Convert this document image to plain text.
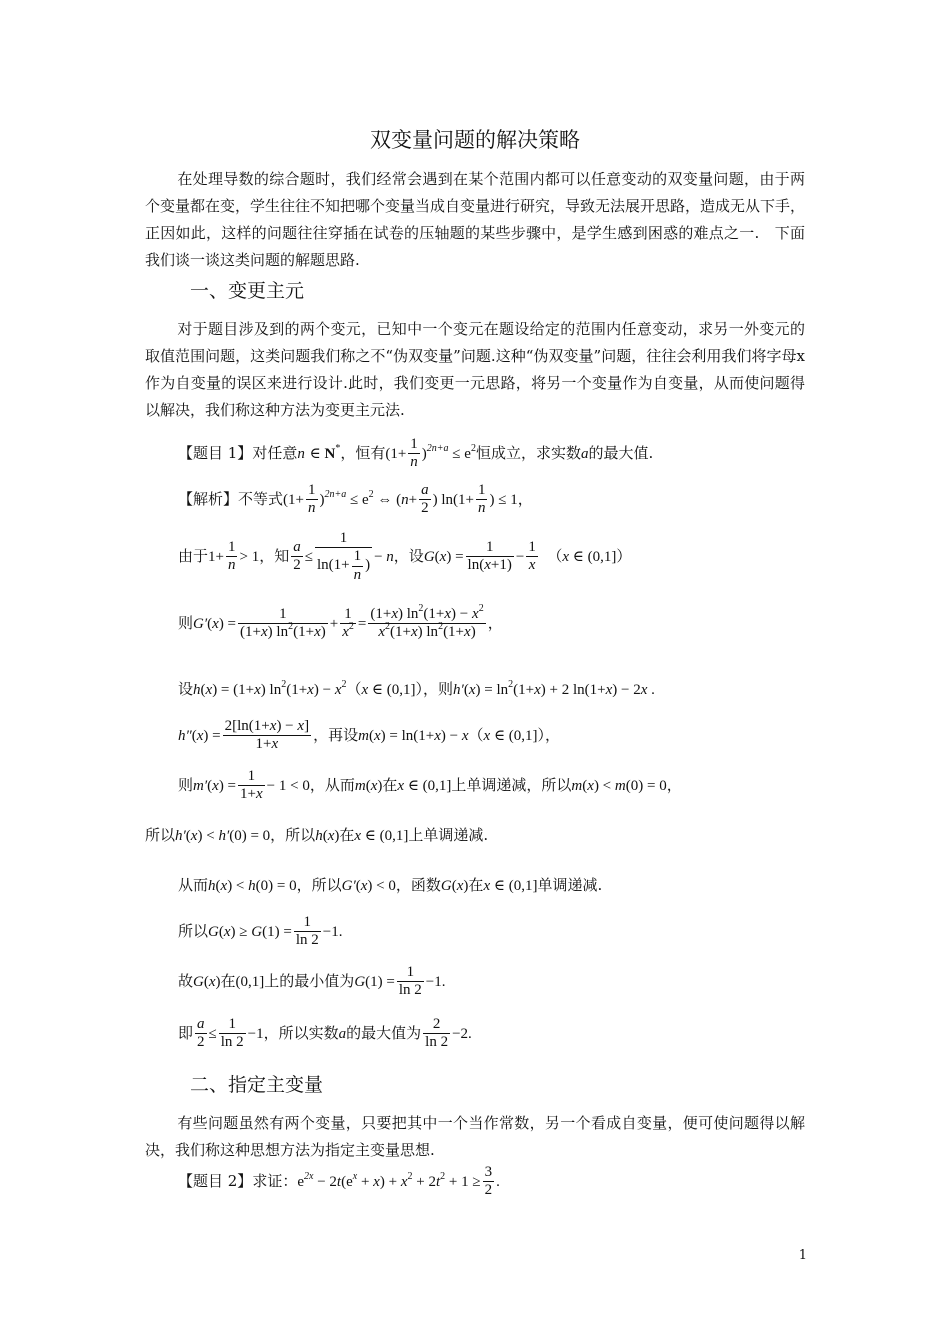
双变量问题的解决策略
在处理导数的综合题时，我们经常会遇到在某个范围内都可以任意变动的双变量问题，由于两个变量都在变，学生往往不知把哪个变量当成自变量进行研究，导致无法展开思路，造成无从下手，正因如此，这样的问题往往穿插在试卷的压轴题的某些步骤中，是学生感到困惑的难点之一.　下面我们谈一谈这类问题的解题思路.
一、变更主元
对于题目涉及到的两个变元，已知中一个变元在题设给定的范围内任意变动，求另一外变元的取值范围问题，这类问题我们称之不“伪双变量”问题.这种“伪双变量”问题，往往会利用我们将字母x作为自变量的误区来进行设计.此时，我们变更一元思路，将另一个变量作为自变量，从而使问题得以解决，我们称这种方法为变更主元法.
【题目 1】对任意n ∈ N*，恒有$(1+ \frac{1}{n} )^{2n+a} \le e^2$恒成立，求实数a的最大值.
【解析】不等式$(1+ \frac{1}{n} )^{2n+a} \le e^2$ ⇔ ($n+ \frac{a}{2}$ ) $\ln(1+ \frac{1}{n}$ ) ≤ 1，
由于$1+ \frac{1}{n} > 1$，知 $\frac{a}{2} \le \frac{1}{\ln(1+ \frac{1}{n} )} - n$，设$G(x) = \frac{1}{\ln(x+1)} - \frac{1}{x}$ 　（x ∈ (0,1]）
则$G'(x) = \frac{1}{(1+x) \ln^2(1+x)} + \frac{1}{x^2} = \frac{(1+x) \ln^2(1+x) - x^2}{x^2(1+x) \ln^2(1+x)}$ ，
设h(x) = (1+x) $\ln^2(1+x) - x^2(x$ ∈ (0,1]），则$h'(x) = \ln^2(1+x) + 2$ ln(1+x) − 2x .
$h''(x) = \frac{2[\ln(1+x) - x]}{1+x}$ ，再设m(x) = ln(1+x) − x（x ∈ (0,1]），
则$m'(x) = \frac{1}{1+x} - 1 < 0$，从而m(x)在x ∈ (0,1]上单调递减，所以m(x) < m(0) = 0，
所以h′(x) < h′(0) = 0，所以h(x)在x ∈ (0,1]上单调递减.
从而h(x) < h(0) = 0，所以G′(x) < 0，函数G(x)在x ∈ (0,1]单调递减.
所以$G(x) \ge G(1) = \frac{1}{\ln 2} -1$.
故G(x)在(0,1]上的最小值为$G(1) = \frac{1}{\ln 2} -1$.
即 $\frac{a}{2} \le \frac{1}{\ln 2} -1$，所以实数a的最大值为 $\frac{2}{\ln 2} -2$.
二、指定主变量
有些问题虽然有两个变量，只要把其中一个当作常数，另一个看成自变量，便可使问题得以解决，我们称这种思想方法为指定主变量思想.
【题目 2】求证：$e^{2x} - 2t(e^x + x) + x^2 + 2t^2 + 1 \ge \frac{3}{2}$ .
1
